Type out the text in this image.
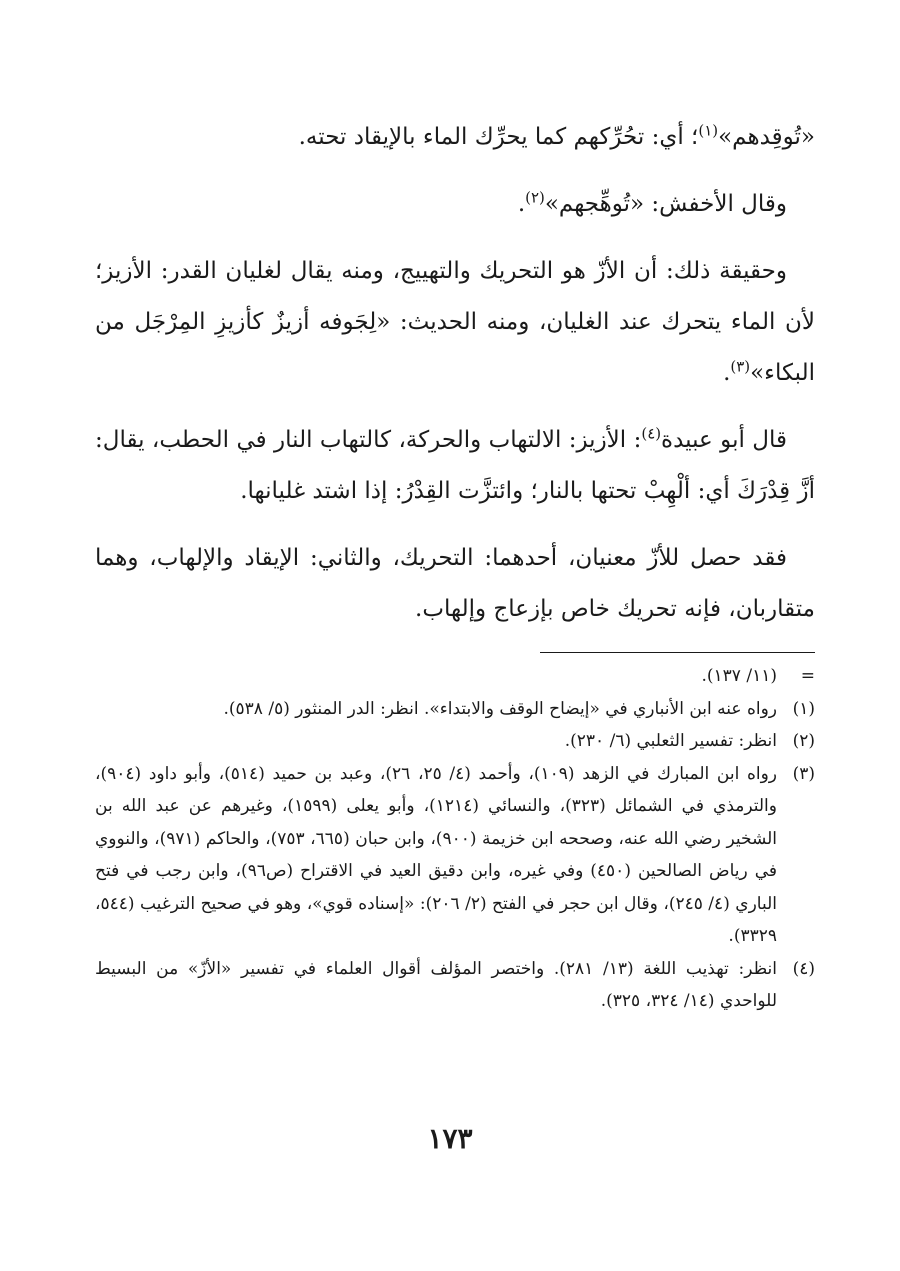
«تُوقِدهم»$^{(١)}$؛ أي: تحُرِّكهم كما يحرِّك الماء بالإيقاد تحته.

وقال الأخفش: «تُوهِّجهم»$^{(٢)}$.

وحقيقة ذلك: أن الأزّ هو التحريك والتهييج، ومنه يقال لغليان القدر: الأزيز؛ لأن الماء يتحرك عند الغليان، ومنه الحديث: «لِجَوفه أزيزٌ كأزيزِ المِرْجَل من البكاء»$^{(٣)}$.

قال أبو عبيدة$^{(٤)}$: الأزيز: الالتهاب والحركة، كالتهاب النار في الحطب، يقال: أزَّ قِدْرَكَ أي: ألْهِبْ تحتها بالنار؛ وائتزَّت القِدْرُ: إذا اشتد غليانها.

فقد حصل للأزّ معنيان، أحدهما: التحريك، والثاني: الإيقاد والإلهاب، وهما متقاربان، فإنه تحريك خاص بإزعاج وإلهاب.

=
(١١/ ١٣٧).
(١)
رواه عنه ابن الأنباري في «إيضاح الوقف والابتداء». انظر: الدر المنثور (٥/ ٥٣٨).
(٢)
انظر: تفسير الثعلبي (٦/ ٢٣٠).
(٣)
رواه ابن المبارك في الزهد (١٠٩)، وأحمد (٤/ ٢٥، ٢٦)، وعبد بن حميد (٥١٤)، وأبو داود (٩٠٤)، والترمذي في الشمائل (٣٢٣)، والنسائي (١٢١٤)، وأبو يعلى (١٥٩٩)، وغيرهم عن عبد الله بن الشخير رضي الله عنه، وصححه ابن خزيمة (٩٠٠)، وابن حبان (٦٦٥، ٧٥٣)، والحاكم (٩٧١)، والنووي في رياض الصالحين (٤٥٠) وفي غيره، وابن دقيق العيد في الاقتراح (ص٩٦)، وابن رجب في فتح الباري (٤/ ٢٤٥)، وقال ابن حجر في الفتح (٢/ ٢٠٦): «إسناده قوي»، وهو في صحيح الترغيب (٥٤٤، ٣٣٢٩).
(٤)
انظر: تهذيب اللغة (١٣/ ٢٨١). واختصر المؤلف أقوال العلماء في تفسير «الأزّ» من البسيط للواحدي (١٤/ ٣٢٤، ٣٢٥).
١٧٣
